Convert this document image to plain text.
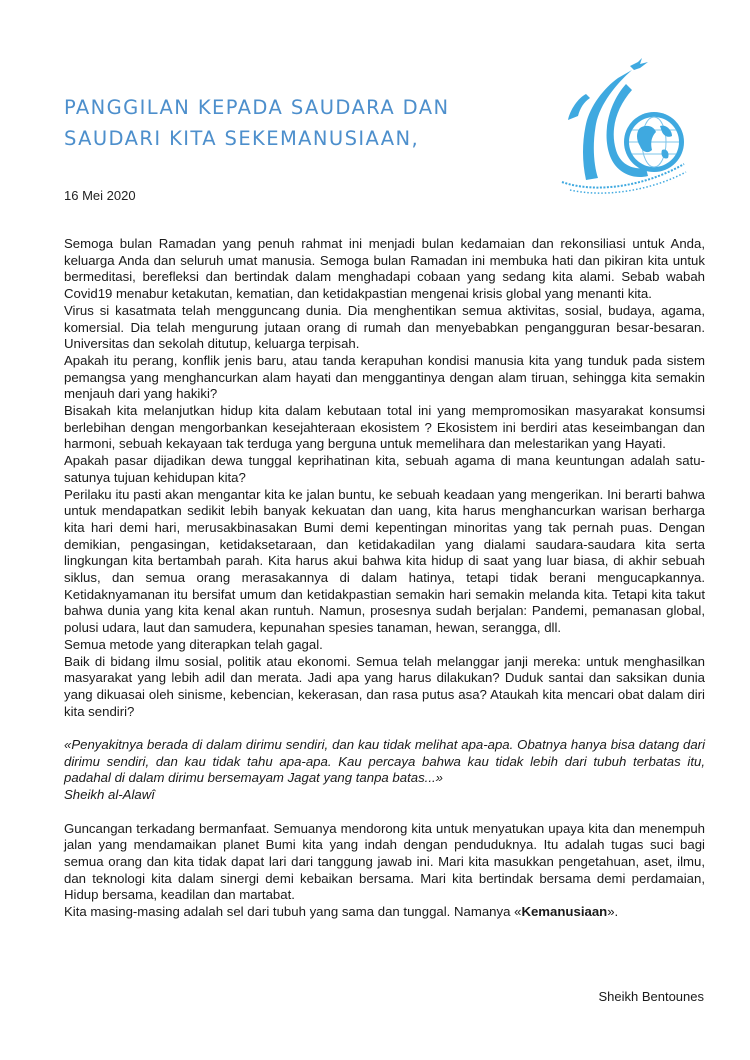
PANGGILAN KEPADA SAUDARA DAN
SAUDARI KITA SEKEMANUSIAAN,
16 Mei 2020

Semoga bulan Ramadan yang penuh rahmat ini menjadi bulan kedamaian dan rekonsiliasi untuk Anda, keluarga Anda dan seluruh umat manusia. Semoga bulan Ramadan ini membuka hati dan pikiran kita untuk bermeditasi, berefleksi dan bertindak dalam menghadapi cobaan yang sedang kita alami. Sebab wabah Covid19 menabur ketakutan, kematian, dan ketidakpastian mengenai krisis global yang menanti kita.

Virus si kasatmata telah mengguncang dunia. Dia menghentikan semua aktivitas, sosial, budaya, agama, komersial. Dia telah mengurung jutaan orang di rumah dan menyebabkan pengangguran besar-besaran. Universitas dan sekolah ditutup, keluarga terpisah.

Apakah itu perang, konflik jenis baru, atau tanda kerapuhan kondisi manusia kita yang tunduk pada sistem pemangsa yang menghancurkan alam hayati dan menggantinya dengan alam tiruan, sehingga kita semakin menjauh dari yang hakiki?

Bisakah kita melanjutkan hidup kita dalam kebutaan total ini yang mempromosikan masyarakat konsumsi berlebihan dengan mengorbankan kesejahteraan ekosistem ? Ekosistem ini berdiri atas keseimbangan dan harmoni, sebuah kekayaan tak terduga yang berguna untuk memelihara dan melestarikan yang Hayati.

Apakah pasar dijadikan dewa tunggal keprihatinan kita, sebuah agama di mana keuntungan adalah satu-satunya tujuan kehidupan kita?

Perilaku itu pasti akan mengantar kita ke jalan buntu, ke sebuah keadaan yang mengerikan. Ini berarti bahwa untuk mendapatkan sedikit lebih banyak kekuatan dan uang, kita harus menghancurkan warisan berharga kita hari demi hari, merusakbinasakan Bumi demi kepentingan minoritas yang tak pernah puas. Dengan demikian, pengasingan, ketidaksetaraan, dan ketidakadilan yang dialami saudara-saudara kita serta lingkungan kita bertambah parah. Kita harus akui bahwa kita hidup di saat yang luar biasa, di akhir sebuah siklus, dan semua orang merasakannya di dalam hatinya, tetapi tidak berani mengucapkannya. Ketidaknyamanan itu bersifat umum dan ketidakpastian semakin hari semakin melanda kita. Tetapi kita takut bahwa dunia yang kita kenal akan runtuh. Namun, prosesnya sudah berjalan: Pandemi, pemanasan global, polusi udara, laut dan samudera, kepunahan spesies tanaman, hewan, serangga, dll.

Semua metode yang diterapkan telah gagal.

Baik di bidang ilmu sosial, politik atau ekonomi. Semua telah melanggar janji mereka: untuk menghasilkan masyarakat yang lebih adil dan merata. Jadi apa yang harus dilakukan? Duduk santai dan saksikan dunia yang dikuasai oleh sinisme, kebencian, kekerasan, dan rasa putus asa? Ataukah kita mencari obat dalam diri kita sendiri?

«Penyakitnya berada di dalam dirimu sendiri, dan kau tidak melihat apa-apa. Obatnya hanya bisa datang dari dirimu sendiri, dan kau tidak tahu apa-apa. Kau percaya bahwa kau tidak lebih dari tubuh terbatas itu, padahal di dalam dirimu bersemayam Jagat yang tanpa batas...»

Sheikh al-Alawî

Guncangan terkadang bermanfaat. Semuanya mendorong kita untuk menyatukan upaya kita dan menempuh jalan yang mendamaikan planet Bumi kita yang indah dengan penduduknya. Itu adalah tugas suci bagi semua orang dan kita tidak dapat lari dari tanggung jawab ini. Mari kita masukkan pengetahuan, aset, ilmu, dan teknologi kita dalam sinergi demi kebaikan bersama. Mari kita bertindak bersama demi perdamaian, Hidup bersama, keadilan dan martabat.

Kita masing-masing adalah sel dari tubuh yang sama dan tunggal. Namanya «Kemanusiaan».

Sheikh Bentounes
